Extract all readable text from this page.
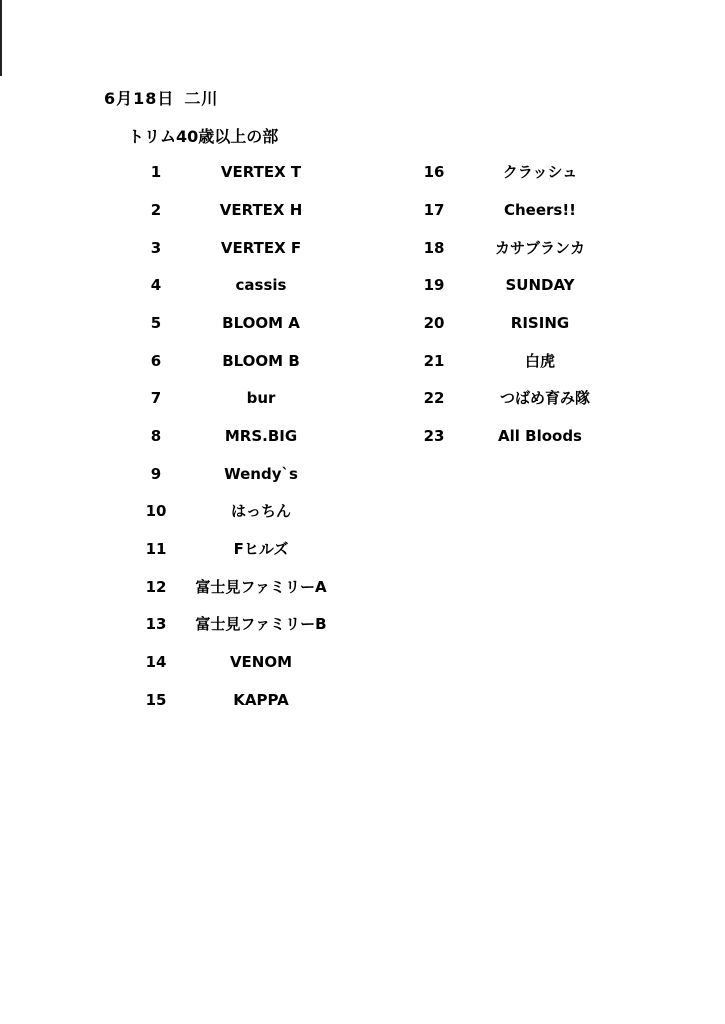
6月18日 二川
トリム40歳以上の部
1	VERTEX T
2	VERTEX H
3	VERTEX F
4	cassis
5	BLOOM A
6	BLOOM B
7	bur
8	MRS.BIG
9	Wendy`s
10	はっちん
11	Fヒルズ
12	富士見ファミリーA
13	富士見ファミリーB
14	VENOM
15	KAPPA
16	クラッシュ
17	Cheers!!
18	カサブランカ
19	SUNDAY
20	RISING
21	白虎
22	つばめ育み隊
23	All Bloods
